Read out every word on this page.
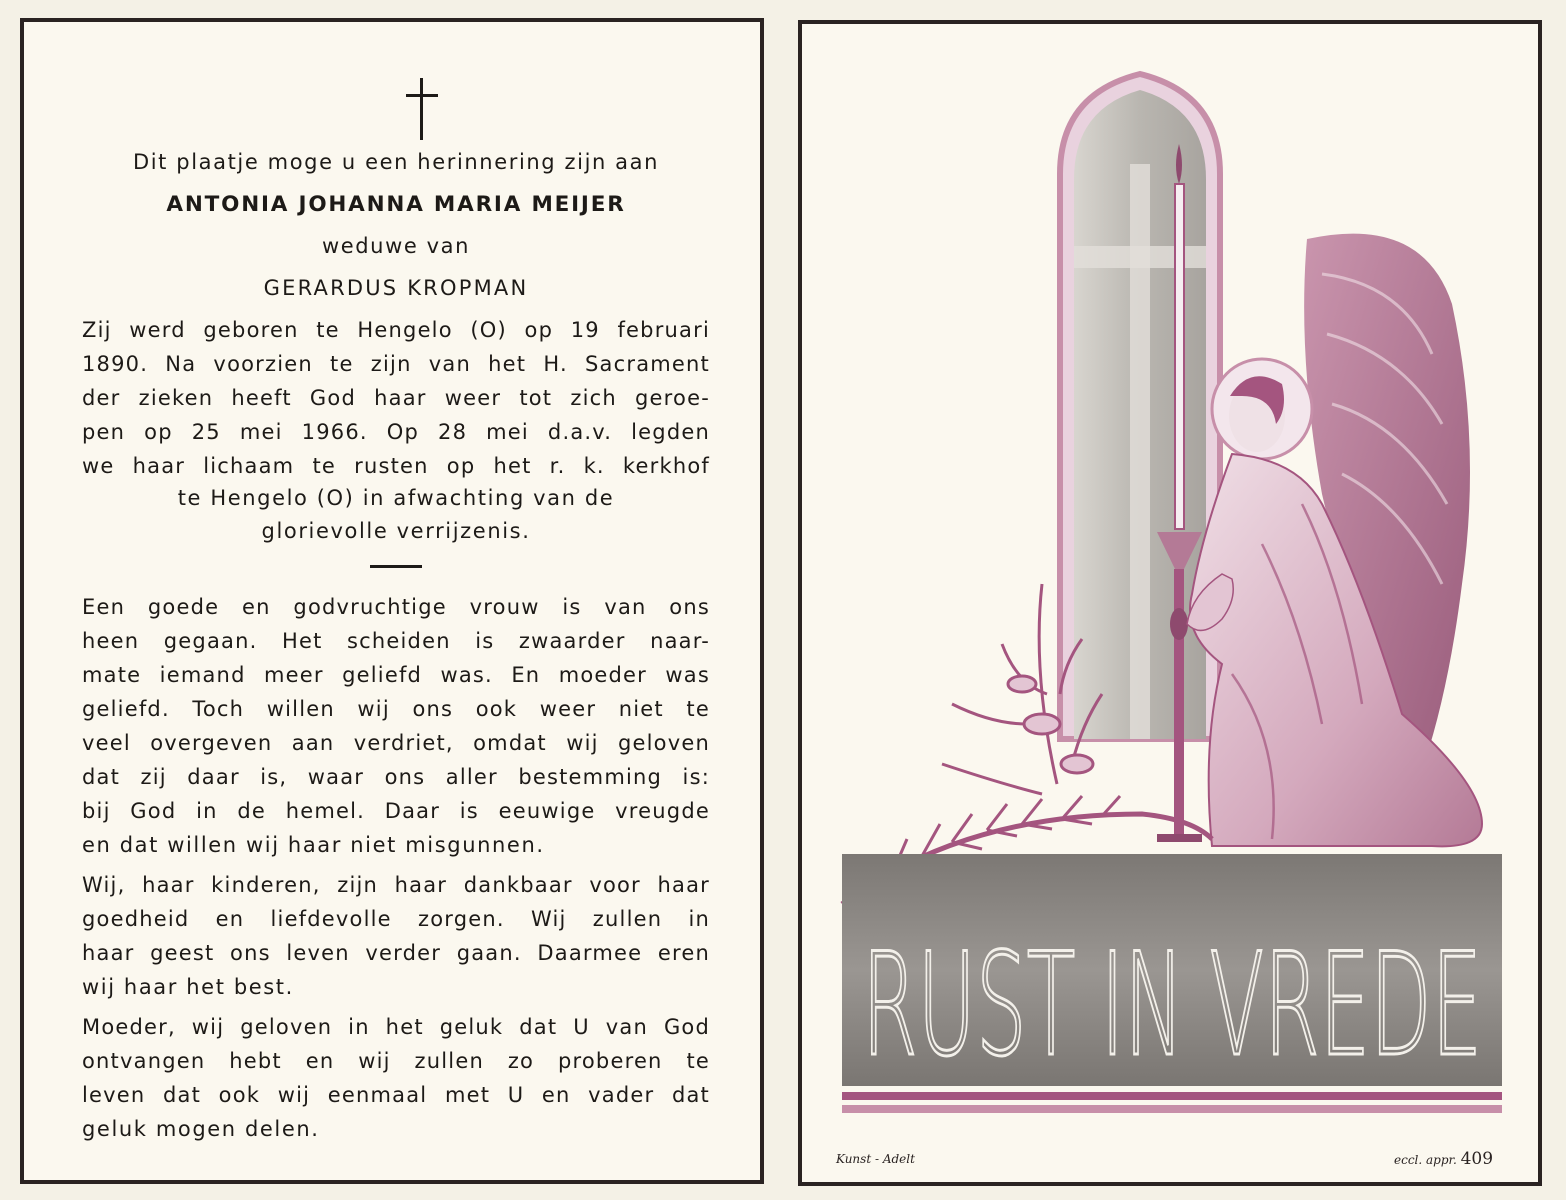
Dit plaatje moge u een herinnering zijn aan
ANTONIA JOHANNA MARIA MEIJER
weduwe van
GERARDUS KROPMAN
Zij werd geboren te Hengelo (O) op 19 februari
1890. Na voorzien te zijn van het H. Sacrament
der zieken heeft God haar weer tot zich geroe-
pen op 25 mei 1966. Op 28 mei d.a.v. legden
we haar lichaam te rusten op het r. k. kerkhof
te Hengelo (O) in afwachting van de
glorievolle verrijzenis.
Een goede en godvruchtige vrouw is van ons
heen gegaan. Het scheiden is zwaarder naar-
mate iemand meer geliefd was. En moeder was
geliefd. Toch willen wij ons ook weer niet te
veel overgeven aan verdriet, omdat wij geloven
dat zij daar is, waar ons aller bestemming is:
bij God in de hemel. Daar is eeuwige vreugde
en dat willen wij haar niet misgunnen.
Wij, haar kinderen, zijn haar dankbaar voor haar
goedheid en liefdevolle zorgen. Wij zullen in
haar geest ons leven verder gaan. Daarmee eren
wij haar het best.
Moeder, wij geloven in het geluk dat U van God
ontvangen hebt en wij zullen zo proberen te
leven dat ook wij eenmaal met U en vader dat
geluk mogen delen.
RUST IN VREDE
Kunst - Adelt	eccl. appr. 409
